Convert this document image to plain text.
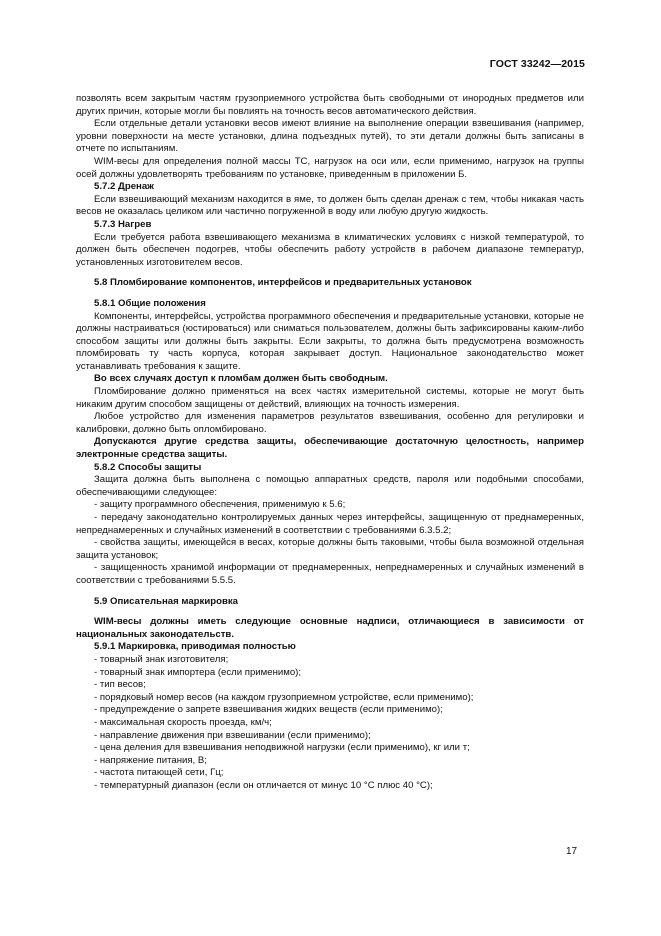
ГОСТ 33242—2015

позволять всем закрытым частям грузоприемного устройства быть свободными от инородных предметов или других причин, которые могли бы повлиять на точность весов автоматического действия.

Если отдельные детали установки весов имеют влияние на выполнение операции взвешивания (например, уровни поверхности на месте установки, длина подъездных путей), то эти детали должны быть записаны в отчете по испытаниям.

WIM-весы для определения полной массы ТС, нагрузок на оси или, если применимо, нагрузок на группы осей должны удовлетворять требованиям по установке, приведенным в приложении Б.

5.7.2 Дренаж

Если взвешивающий механизм находится в яме, то должен быть сделан дренаж с тем, чтобы никакая часть весов не оказалась целиком или частично погруженной в воду или любую другую жидкость.

5.7.3 Нагрев

Если требуется работа взвешивающего механизма в климатических условиях с низкой температурой, то должен быть обеспечен подогрев, чтобы обеспечить работу устройств в рабочем диапазоне температур, установленных изготовителем весов.

5.8 Пломбирование компонентов, интерфейсов и предварительных установок

5.8.1 Общие положения

Компоненты, интерфейсы, устройства программного обеспечения и предварительные установки, которые не должны настраиваться (юстироваться) или сниматься пользователем, должны быть зафиксированы каким-либо способом защиты или должны быть закрыты. Если закрыты, то должна быть предусмотрена возможность пломбировать ту часть корпуса, которая закрывает доступ. Национальное законодательство может устанавливать требования к защите.

Во всех случаях доступ к пломбам должен быть свободным.

Пломбирование должно применяться на всех частях измерительной системы, которые не могут быть никаким другим способом защищены от действий, влияющих на точность измерения.

Любое устройство для изменения параметров результатов взвешивания, особенно для регулировки и калибровки, должно быть опломбировано.

Допускаются другие средства защиты, обеспечивающие достаточную целостность, например электронные средства защиты.

5.8.2 Способы защиты

Защита должна быть выполнена с помощью аппаратных средств, пароля или подобными способами, обеспечивающими следующее:

- защиту программного обеспечения, применимую к 5.6;

- передачу законодательно контролируемых данных через интерфейсы, защищенную от преднамеренных, непреднамеренных и случайных изменений в соответствии с требованиями 6.3.5.2;

- свойства защиты, имеющейся в весах, которые должны быть таковыми, чтобы была возможной отдельная защита установок;

- защищенность хранимой информации от преднамеренных, непреднамеренных и случайных изменений в соответствии с требованиями 5.5.5.

5.9 Описательная маркировка

WIM-весы должны иметь следующие основные надписи, отличающиеся в зависимости от национальных законодательств.

5.9.1 Маркировка, приводимая полностью

- товарный знак изготовителя;

- товарный знак импортера (если применимо);

- тип весов;

- порядковый номер весов (на каждом грузоприемном устройстве, если применимо);

- предупреждение о запрете взвешивания жидких веществ (если применимо);

- максимальная скорость проезда, км/ч;

- направление движения при взвешивании (если применимо);

- цена деления для взвешивания неподвижной нагрузки (если применимо), кг или т;

- напряжение питания, В;

- частота питающей сети, Гц;

- температурный диапазон (если он отличается от минус 10 °С плюс 40 °С);

17
